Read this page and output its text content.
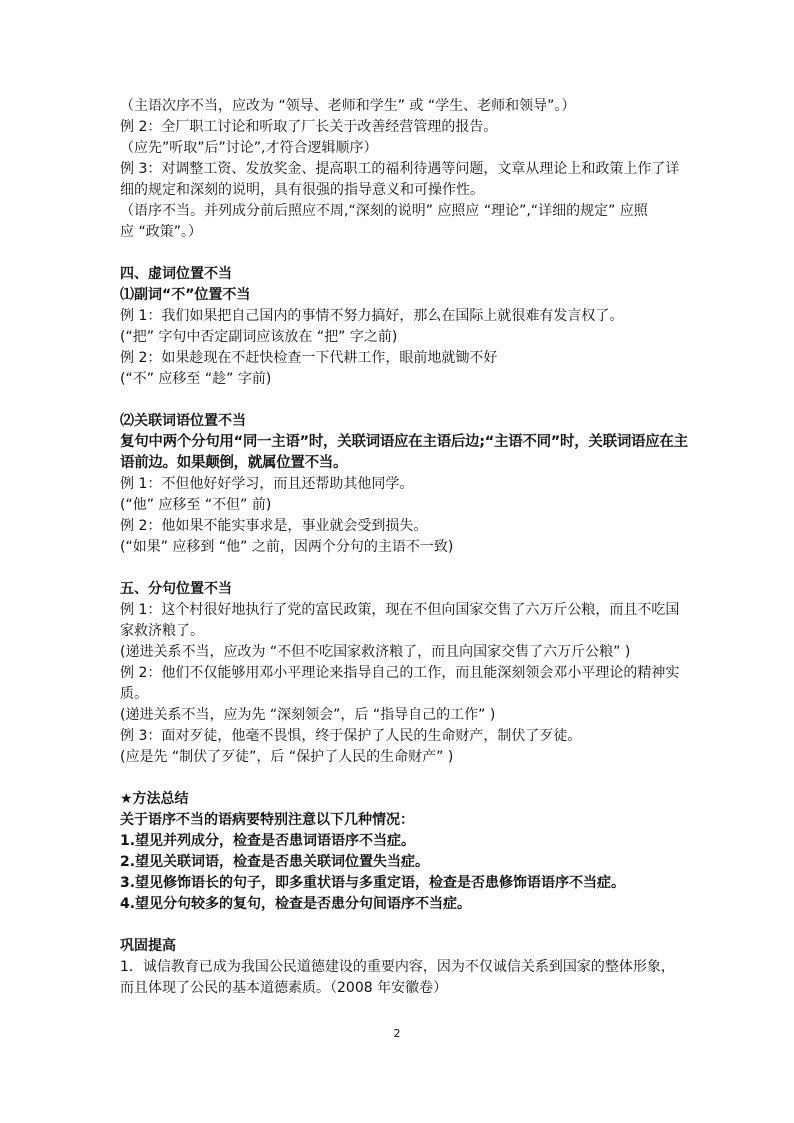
（主语次序不当，应改为 “领导、老师和学生” 或 “学生、老师和领导”。）
例 2：全厂职工讨论和听取了厂长关于改善经营管理的报告。
（应先”听取”后”讨论”,才符合逻辑顺序）
例 3：对调整工资、发放奖金、提高职工的福利待遇等问题，文章从理论上和政策上作了详
细的规定和深刻的说明，具有很强的指导意义和可操作性。
（语序不当。并列成分前后照应不周,“深刻的说明” 应照应 “理论”,“详细的规定” 应照
应 “政策”。）
四、虚词位置不当
⑴副词“不”位置不当
例 1：我们如果把自己国内的事情不努力搞好，那么在国际上就很难有发言权了。
(“把” 字句中否定副词应该放在 “把” 字之前)
例 2：如果趁现在不赶快检查一下代耕工作，眼前地就锄不好
(“不” 应移至 “趁” 字前)
⑵关联词语位置不当
复句中两个分句用“同一主语”时，关联词语应在主语后边;“主语不同”时，关联词语应在主
语前边。如果颠倒，就属位置不当。
例 1：不但他好好学习，而且还帮助其他同学。
(“他” 应移至 “不但” 前)
例 2：他如果不能实事求是，事业就会受到损失。
(“如果” 应移到 “他” 之前，因两个分句的主语不一致)
五、分句位置不当
例 1：这个村很好地执行了党的富民政策，现在不但向国家交售了六万斤公粮，而且不吃国
家救济粮了。
(递进关系不当，应改为 “不但不吃国家救济粮了，而且向国家交售了六万斤公粮” )
例 2：他们不仅能够用邓小平理论来指导自己的工作，而且能深刻领会邓小平理论的精神实
质。
(递进关系不当，应为先 “深刻领会”，后 “指导自己的工作” )
例 3：面对歹徒，他毫不畏惧，终于保护了人民的生命财产，制伏了歹徒。
(应是先 “制伏了歹徒”，后 “保护了人民的生命财产” )
★方法总结
关于语序不当的语病要特别注意以下几种情况：
1.望见并列成分，检查是否患词语语序不当症。
2.望见关联词语，检查是否患关联词位置失当症。
3.望见修饰语长的句子，即多重状语与多重定语，检查是否患修饰语语序不当症。
4.望见分句较多的复句，检查是否患分句间语序不当症。
巩固提高
1．诚信教育已成为我国公民道德建设的重要内容，因为不仅诚信关系到国家的整体形象，
而且体现了公民的基本道德素质。（2008 年安徽卷）
2
